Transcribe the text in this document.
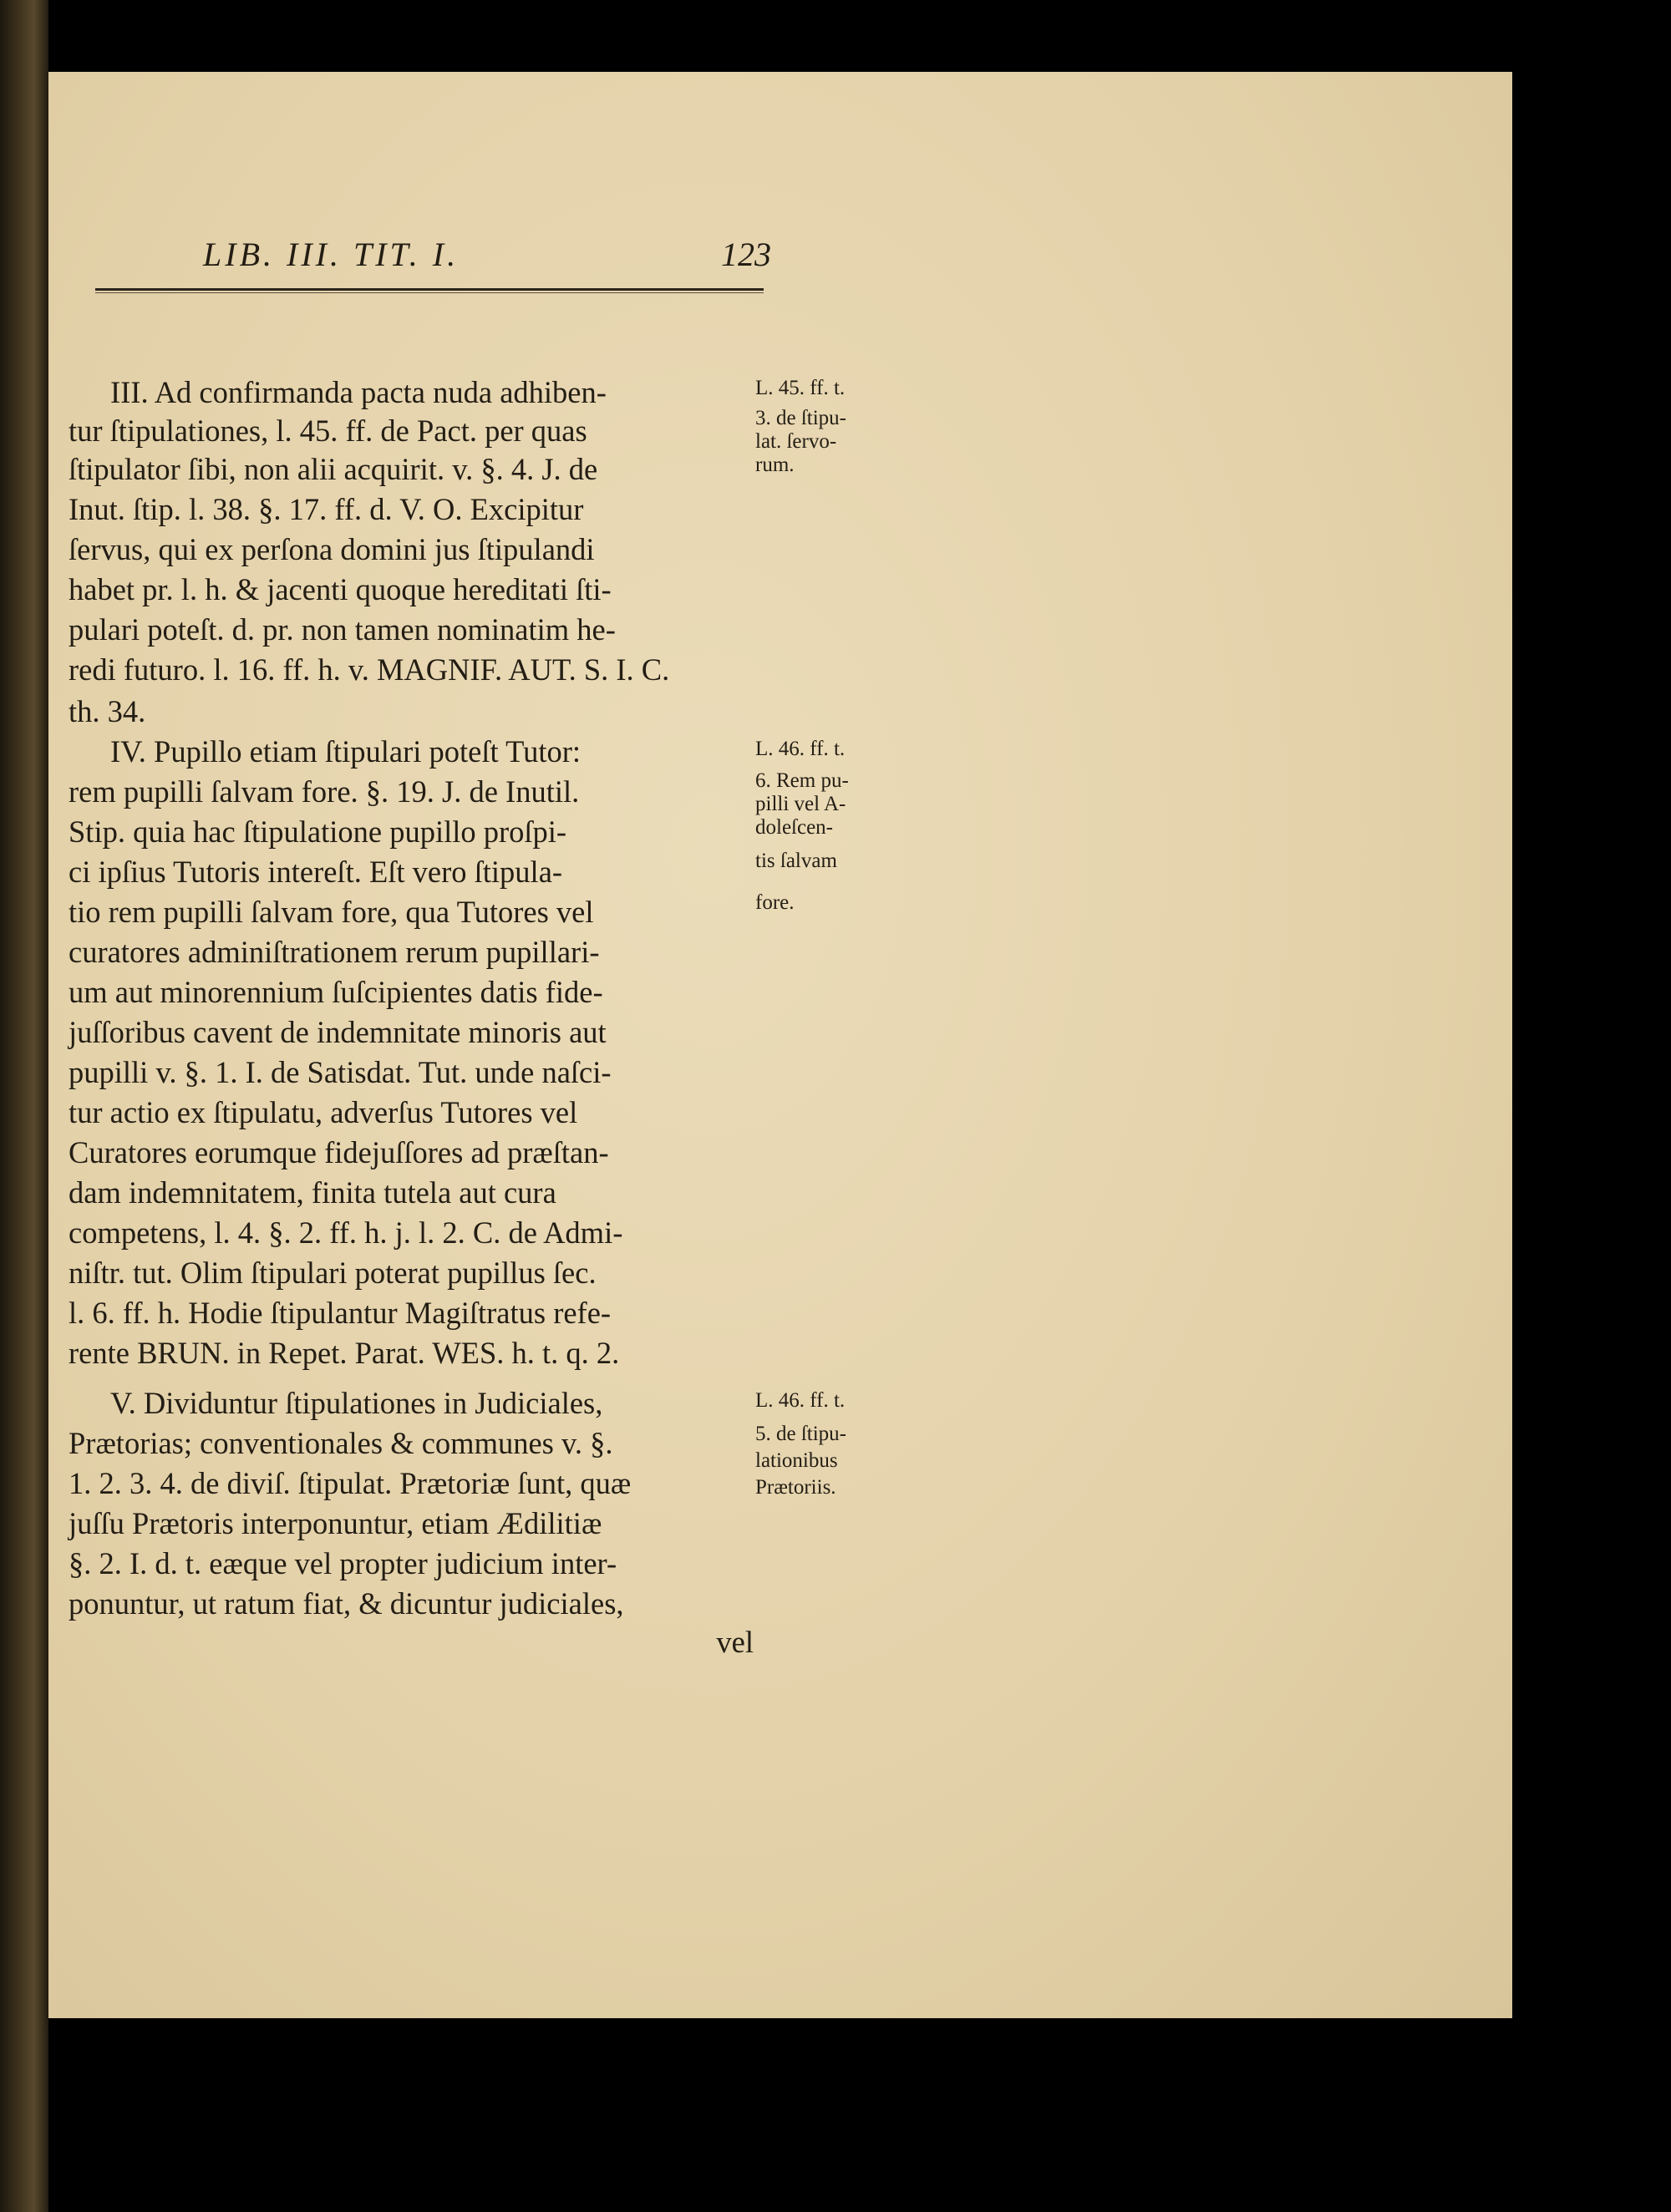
LIB. III. TIT. I.	123
III. Ad confirmanda pacta nuda adhiben-
tur ſtipulationes, l. 45. ff. de Pact. per quas
ſtipulator ſibi, non alii acquirit. v. §. 4. J. de
Inut. ſtip. l. 38. §. 17. ff. d. V. O. Excipitur
ſervus, qui ex perſona domini jus ſtipulandi
habet pr. l. h. & jacenti quoque hereditati ſti-
pulari poteſt. d. pr. non tamen nominatim he-
redi futuro. l. 16. ff. h. v. MAGNIF. AUT. S. I. C.
th. 34.
IV. Pupillo etiam ſtipulari poteſt Tutor:
rem pupilli ſalvam fore. §. 19. J. de Inutil.
Stip. quia hac ſtipulatione pupillo proſpi-
ci ipſius Tutoris intereſt. Eſt vero ſtipula-
tio rem pupilli ſalvam fore, qua Tutores vel
curatores adminiſtrationem rerum pupillari-
um aut minorennium ſuſcipientes datis fide-
juſſoribus cavent de indemnitate minoris aut
pupilli v. §. 1. I. de Satisdat. Tut. unde naſci-
tur actio ex ſtipulatu, adverſus Tutores vel
Curatores eorumque fidejuſſores ad præſtan-
dam indemnitatem, finita tutela aut cura
competens, l. 4. §. 2. ff. h. j. l. 2. C. de Admi-
niſtr. tut. Olim ſtipulari poterat pupillus ſec.
l. 6. ff. h. Hodie ſtipulantur Magiſtratus refe-
rente BRUN. in Repet. Parat. WES. h. t. q. 2.
V. Dividuntur ſtipulationes in Judiciales,
Prætorias; conventionales & communes v. §.
1. 2. 3. 4. de diviſ. ſtipulat. Prætoriæ ſunt, quæ
juſſu Prætoris interponuntur, etiam Ædilitiæ
§. 2. I. d. t. eæque vel propter judicium inter-
ponuntur, ut ratum fiat, & dicuntur judiciales,
vel
L. 45. ff. t.
3. de ſtipu-
lat. ſervo-
rum.
L. 46. ff. t.
6. Rem pu-
pilli vel A-
doleſcen-
tis ſalvam
fore.
L. 46. ff. t.
5. de ſtipu-
lationibus
Prætoriis.
